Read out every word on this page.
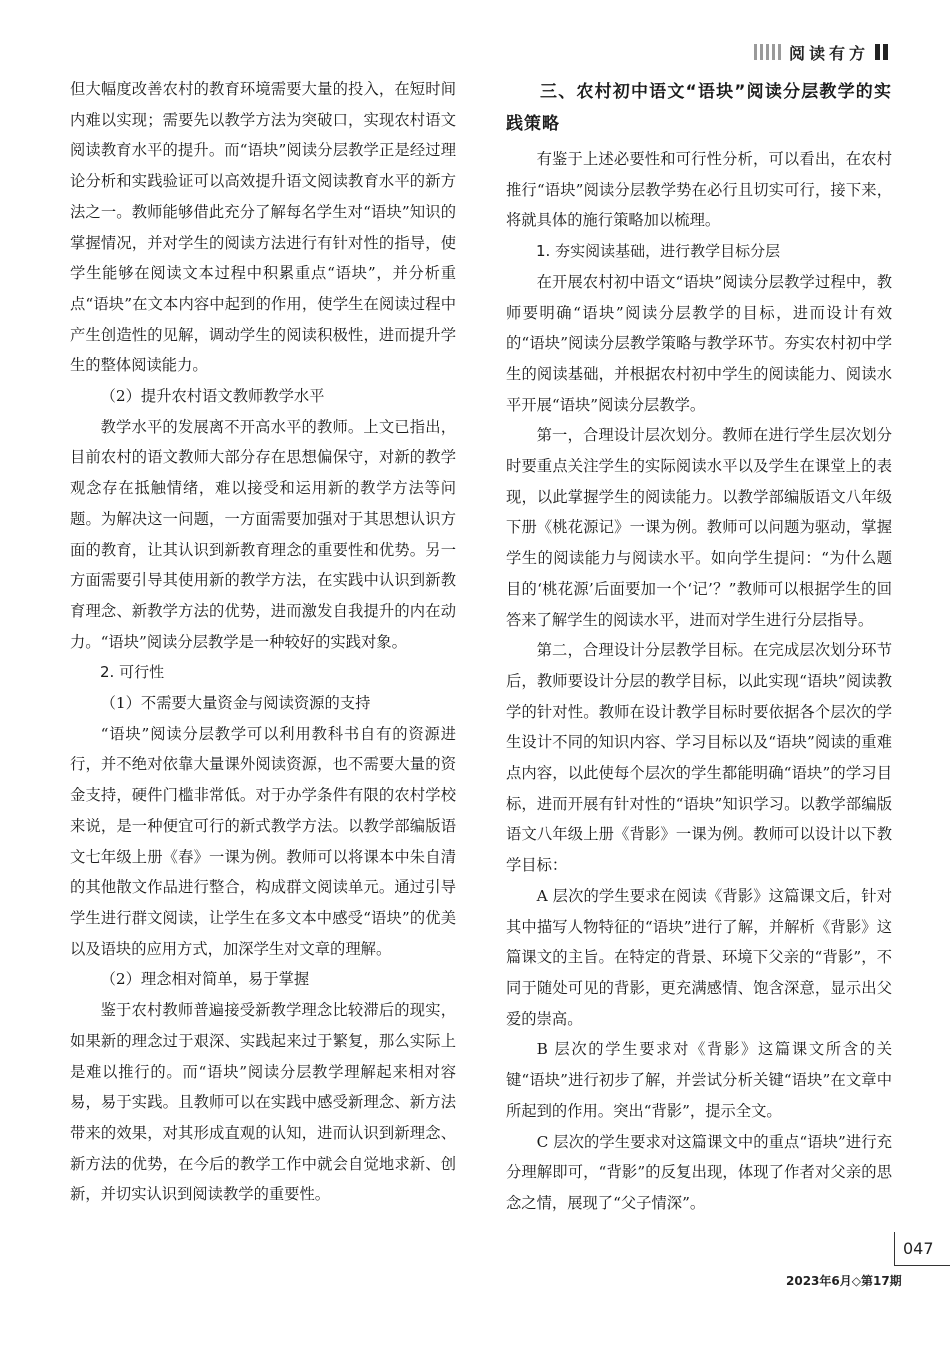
阅读有方

但大幅度改善农村的教育环境需要大量的投入，在短时间内难以实现；需要先以教学方法为突破口，实现农村语文阅读教育水平的提升。而“语块”阅读分层教学正是经过理论分析和实践验证可以高效提升语文阅读教育水平的新方法之一。教师能够借此充分了解每名学生对“语块”知识的掌握情况，并对学生的阅读方法进行有针对性的指导，使学生能够在阅读文本过程中积累重点“语块”，并分析重点“语块”在文本内容中起到的作用，使学生在阅读过程中产生创造性的见解，调动学生的阅读积极性，进而提升学生的整体阅读能力。

（2）提升农村语文教师教学水平

教学水平的发展离不开高水平的教师。上文已指出，目前农村的语文教师大部分存在思想偏保守，对新的教学观念存在抵触情绪，难以接受和运用新的教学方法等问题。为解决这一问题，一方面需要加强对于其思想认识方面的教育，让其认识到新教育理念的重要性和优势。另一方面需要引导其使用新的教学方法，在实践中认识到新教育理念、新教学方法的优势，进而激发自我提升的内在动力。“语块”阅读分层教学是一种较好的实践对象。

2. 可行性

（1）不需要大量资金与阅读资源的支持

“语块”阅读分层教学可以利用教科书自有的资源进行，并不绝对依靠大量课外阅读资源，也不需要大量的资金支持，硬件门槛非常低。对于办学条件有限的农村学校来说，是一种便宜可行的新式教学方法。以教学部编版语文七年级上册《春》一课为例。教师可以将课本中朱自清的其他散文作品进行整合，构成群文阅读单元。通过引导学生进行群文阅读，让学生在多文本中感受“语块”的优美以及语块的应用方式，加深学生对文章的理解。

（2）理念相对简单，易于掌握

鉴于农村教师普遍接受新教学理念比较滞后的现实，如果新的理念过于艰深、实践起来过于繁复，那么实际上是难以推行的。而“语块”阅读分层教学理解起来相对容易，易于实践。且教师可以在实践中感受新理念、新方法带来的效果，对其形成直观的认知，进而认识到新理念、新方法的优势，在今后的教学工作中就会自觉地求新、创新，并切实认识到阅读教学的重要性。

三、农村初中语文“语块”阅读分层教学的实践策略

有鉴于上述必要性和可行性分析，可以看出，在农村推行“语块”阅读分层教学势在必行且切实可行，接下来，将就具体的施行策略加以梳理。

1. 夯实阅读基础，进行教学目标分层

在开展农村初中语文“语块”阅读分层教学过程中，教师要明确“语块”阅读分层教学的目标，进而设计有效的“语块”阅读分层教学策略与教学环节。夯实农村初中学生的阅读基础，并根据农村初中学生的阅读能力、阅读水平开展“语块”阅读分层教学。

第一，合理设计层次划分。教师在进行学生层次划分时要重点关注学生的实际阅读水平以及学生在课堂上的表现，以此掌握学生的阅读能力。以教学部编版语文八年级下册《桃花源记》一课为例。教师可以问题为驱动，掌握学生的阅读能力与阅读水平。如向学生提问：“为什么题目的‘桃花源’后面要加一个‘记’？”教师可以根据学生的回答来了解学生的阅读水平，进而对学生进行分层指导。

第二，合理设计分层教学目标。在完成层次划分环节后，教师要设计分层的教学目标，以此实现“语块”阅读教学的针对性。教师在设计教学目标时要依据各个层次的学生设计不同的知识内容、学习目标以及“语块”阅读的重难点内容，以此使每个层次的学生都能明确“语块”的学习目标，进而开展有针对性的“语块”知识学习。以教学部编版语文八年级上册《背影》一课为例。教师可以设计以下教学目标：

A 层次的学生要求在阅读《背影》这篇课文后，针对其中描写人物特征的“语块”进行了解，并解析《背影》这篇课文的主旨。在特定的背景、环境下父亲的“背影”，不同于随处可见的背影，更充满感情、饱含深意，显示出父爱的崇高。

B 层次的学生要求对《背影》这篇课文所含的关键“语块”进行初步了解，并尝试分析关键“语块”在文章中所起到的作用。突出“背影”，提示全文。

C 层次的学生要求对这篇课文中的重点“语块”进行充分理解即可，“背影”的反复出现，体现了作者对父亲的思念之情，展现了“父子情深”。

047
2023年6月◇第17期
